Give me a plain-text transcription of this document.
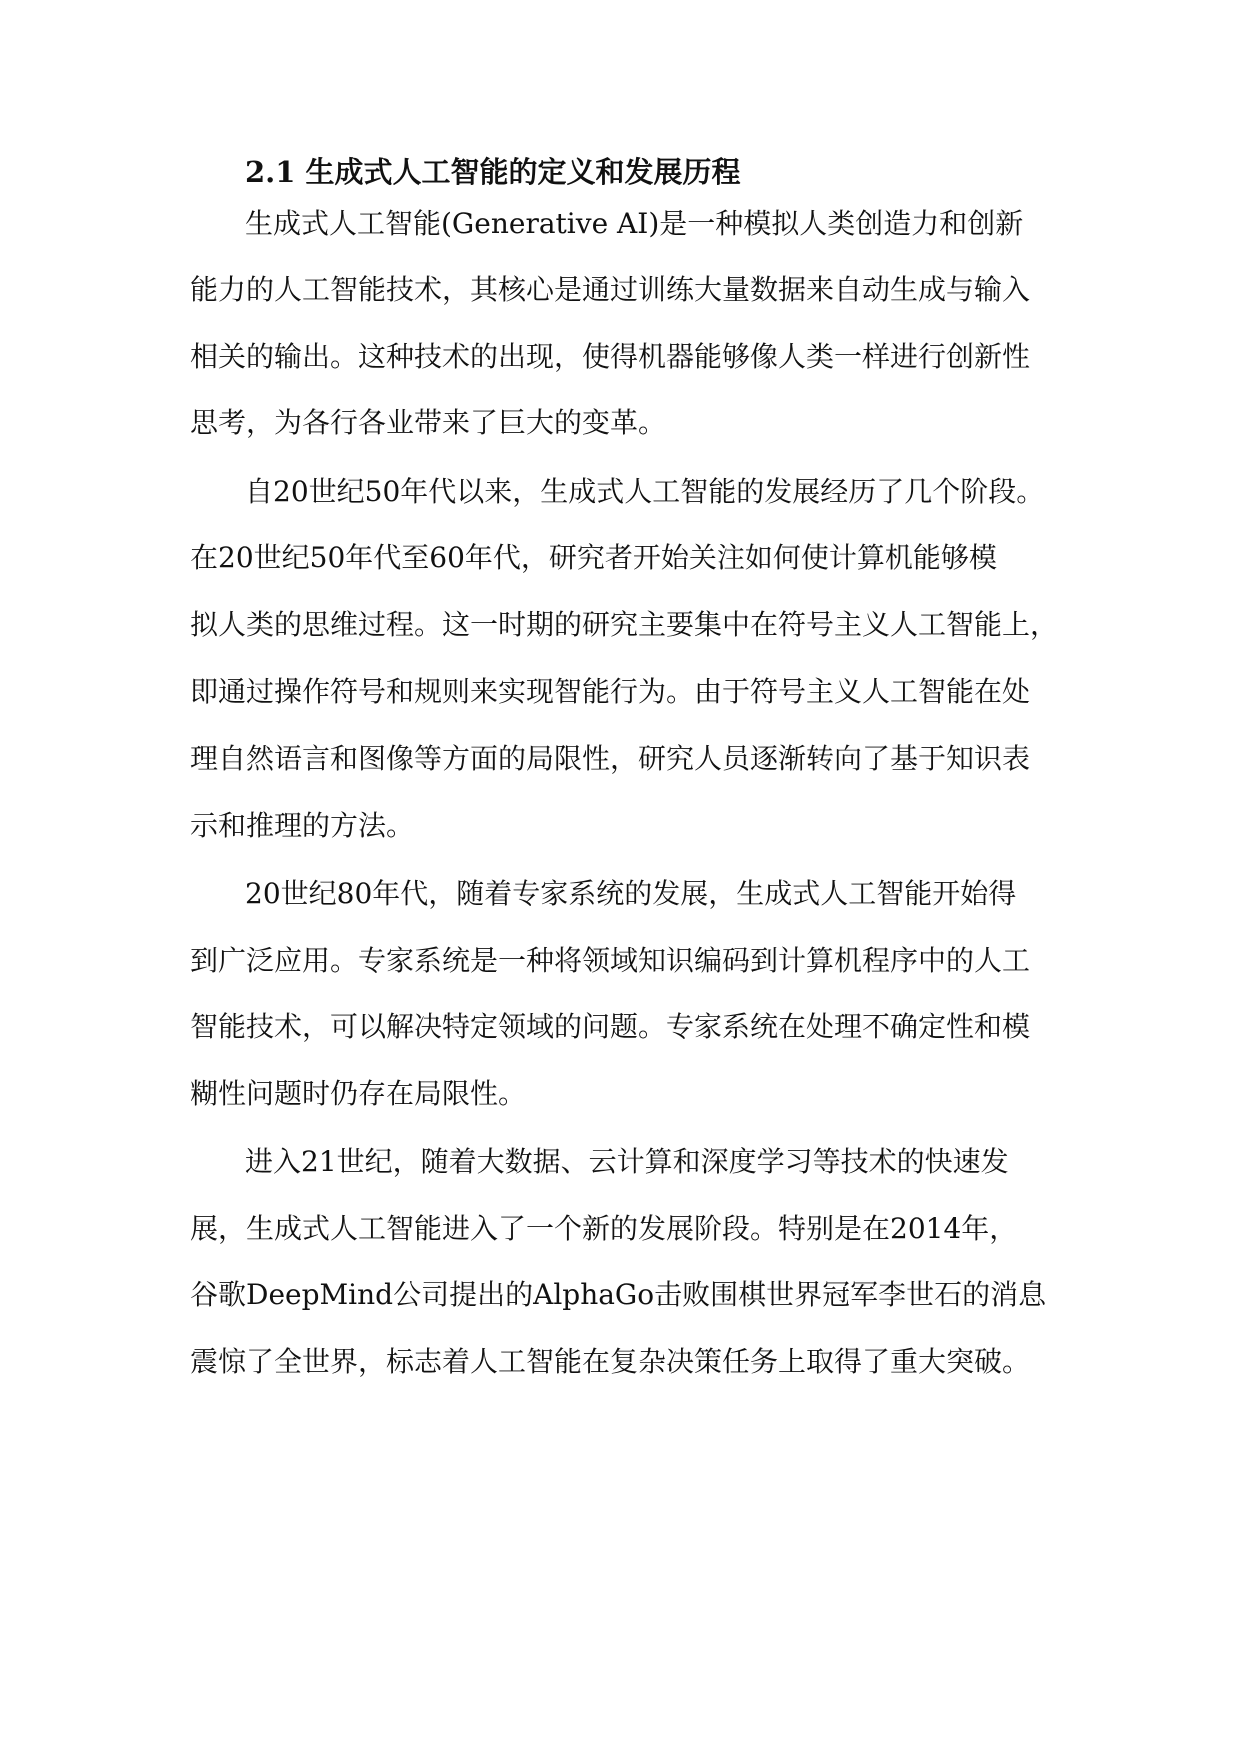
2.1 生成式人工智能的定义和发展历程
生成式人工智能(Generative AI)是一种模拟人类创造力和创新
能力的人工智能技术，其核心是通过训练大量数据来自动生成与输入
相关的输出。这种技术的出现，使得机器能够像人类一样进行创新性
思考，为各行各业带来了巨大的变革。
自20世纪50年代以来，生成式人工智能的发展经历了几个阶段。
在20世纪50年代至60年代，研究者开始关注如何使计算机能够模
拟人类的思维过程。这一时期的研究主要集中在符号主义人工智能上，
即通过操作符号和规则来实现智能行为。由于符号主义人工智能在处
理自然语言和图像等方面的局限性，研究人员逐渐转向了基于知识表
示和推理的方法。
20世纪80年代，随着专家系统的发展，生成式人工智能开始得
到广泛应用。专家系统是一种将领域知识编码到计算机程序中的人工
智能技术，可以解决特定领域的问题。专家系统在处理不确定性和模
糊性问题时仍存在局限性。
进入21世纪，随着大数据、云计算和深度学习等技术的快速发
展，生成式人工智能进入了一个新的发展阶段。特别是在2014年，
谷歌DeepMind公司提出的AlphaGo击败围棋世界冠军李世石的消息
震惊了全世界，标志着人工智能在复杂决策任务上取得了重大突破。
